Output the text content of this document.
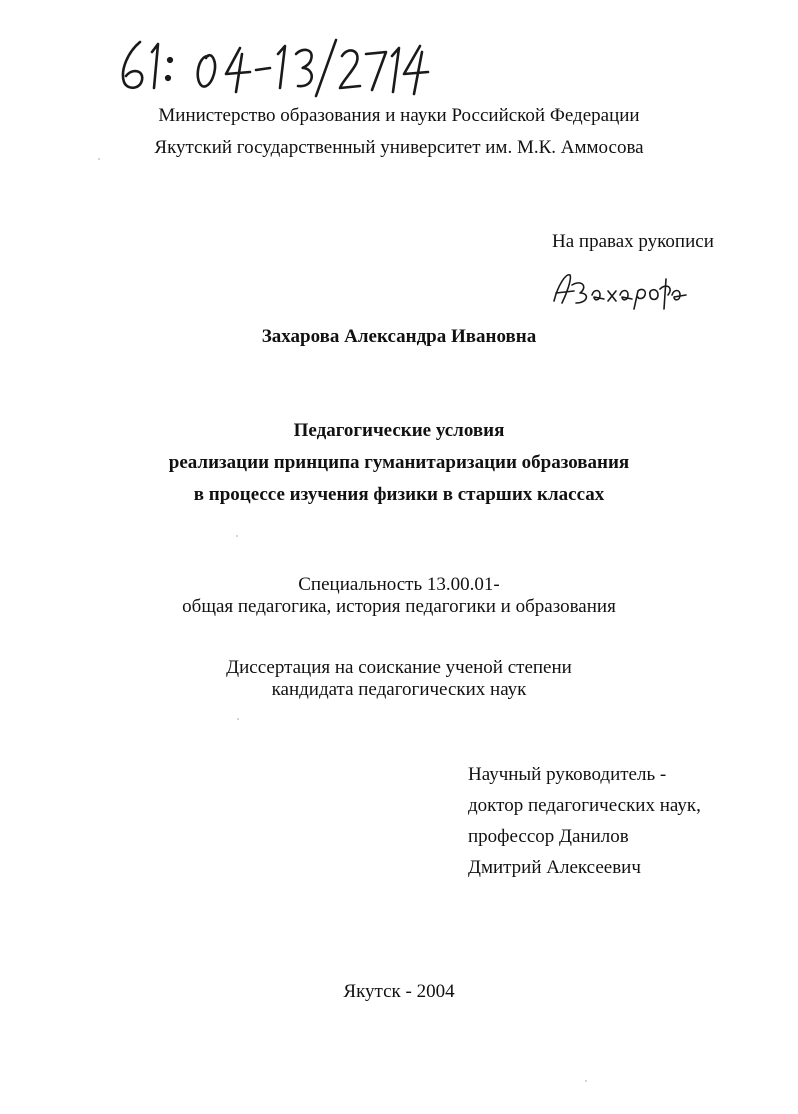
Министерство образования и науки Российской Федерации
Якутский государственный университет им. М.К. Аммосова
На правах рукописи
Захарова Александра Ивановна
Педагогические условия
реализации принципа гуманитаризации образования
в процессе изучения физики в старших классах
Специальность 13.00.01-
общая педагогика, история педагогики и образования
Диссертация на соискание ученой степени
кандидата педагогических наук
Научный руководитель -
доктор педагогических наук,
профессор Данилов
Дмитрий Алексеевич
Якутск - 2004
